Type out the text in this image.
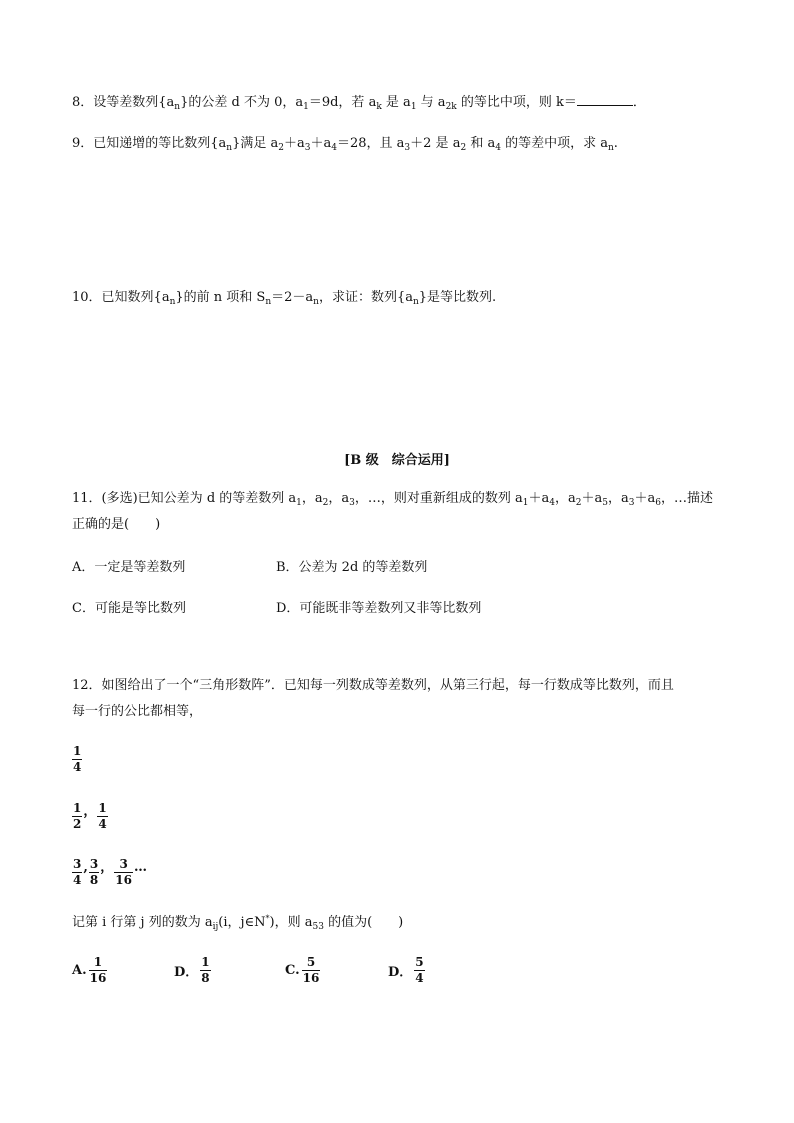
8．设等差数列$\{a_n\}$的公差 d 不为 0，$a_1=9d$，若 $a_k$ 是 $a_1$ 与 $a_{2k}$ 的等比中项，则 k＝	．
9．已知递增的等比数列$\{a_n\}$满足 $a_2+a_3+a_4=28$，且 $a_3+2$ 是 $a_2$ 和 $a_4$ 的等差中项，求 $a_n$.
10．已知数列$\{a_n\}$的前 n 项和 $S_n=2-a_n$，求证：数列$\{a_n\}$是等比数列.
[B 级　综合运用]
11．(多选)已知公差为 d 的等差数列 $a_1$，$a_2$，$a_3$，…，则对重新组成的数列 $a_1+a_4$，$a_2+a_5$，$a_3+a_6$，…描述
正确的是(　　)
A．一定是等差数列	B．公差为 2d 的等差数列
C．可能是等比数列	D．可能既非等差数列又非等比数列
12．如图给出了一个“三角形数阵”．已知每一列数成等差数列，从第三行起，每一行数成等比数列，而且
每一行的公比都相等，
$\frac{1}{4}$
$\frac{1}{2}$ ， $\frac{1}{4}$
$\frac{3}{4}$ , $\frac{3}{8}$ ， $\frac{3}{16}$ …
记第 i 行第 j 列的数为 $a_{ij}(i$，j∈N*)，则 $a_{53}$ 的值为(　　)
A. $\frac{1}{16}$	D． $\frac{1}{8}$	C. $\frac{5}{16}$	D． $\frac{5}{4}$
